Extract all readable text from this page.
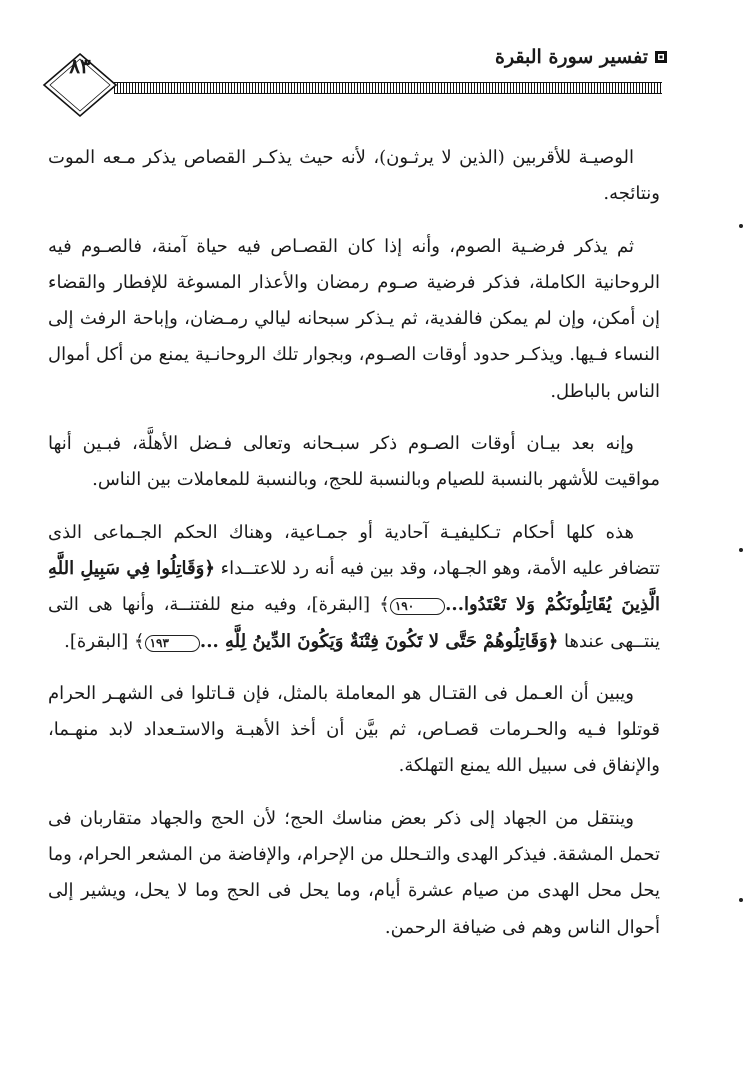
تفسير سورة البقرة
٨٣

الوصيـة للأقربين (الذين لا يرثـون)، لأنه حيث يذكـر القصاص يذكر مـعه الموت ونتائجه.

ثم يذكر فرضـية الصوم، وأنه إذا كان القصـاص فيه حياة آمنة، فالصـوم فيه الروحانية الكاملة، فذكر فرضية صـوم رمضان والأعذار المسوغة للإفطار والقضاء إن أمكن، وإن لم يمكن فالفدية، ثم يـذكر سبحانه ليالي رمـضان، وإباحة الرفث إلى النساء فـيها. ويذكـر حدود أوقات الصـوم، وبجوار تلك الروحانـية يمنع من أكل أموال الناس بالباطل.

وإنه بعد بيـان أوقات الصـوم ذكر سبـحانه وتعالى فـضل الأهلَّة، فبـين أنها مواقيت للأشهر بالنسبة للصيام وبالنسبة للحج، وبالنسبة للمعاملات بين الناس.

هذه كلها أحكام تـكليفيـة آحادية أو جمـاعية، وهناك الحكم الجـماعى الذى تتضافر عليه الأمة، وهو الجـهاد، وقد بين فيه أنه رد للاعتــداء ﴿وَقَاتِلُوا فِي سَبِيلِ اللَّهِ الَّذِينَ يُقَاتِلُونَكُمْ وَلا تَعْتَدُوا...١٩٠﴾ [البقرة]، وفيه منع للفتنــة، وأنها هى التى ينتــهى عندها ﴿وَقَاتِلُوهُمْ حَتَّى لا تَكُونَ فِتْنَةٌ وَيَكُونَ الدِّينُ لِلَّهِ ...١٩٣﴾ [البقرة].

ويبين أن العـمل فى القتـال هو المعاملة بالمثل، فإن قـاتلوا فى الشهـر الحرام قوتلوا فـيه والحـرمات قصـاص، ثم بيَّن أن أخذ الأهبـة والاستـعداد لابد منهـما، والإنفاق فى سبيل الله يمنع التهلكة.

وينتقل من الجهاد إلى ذكر بعض مناسك الحج؛ لأن الحج والجهاد متقاربان فى تحمل المشقة. فيذكر الهدى والتـحلل من الإحرام، والإفاضة من المشعر الحرام، وما يحل محل الهدى من صيام عشرة أيام، وما يحل فى الحج وما لا يحل، ويشير إلى أحوال الناس وهم فى ضيافة الرحمن.
